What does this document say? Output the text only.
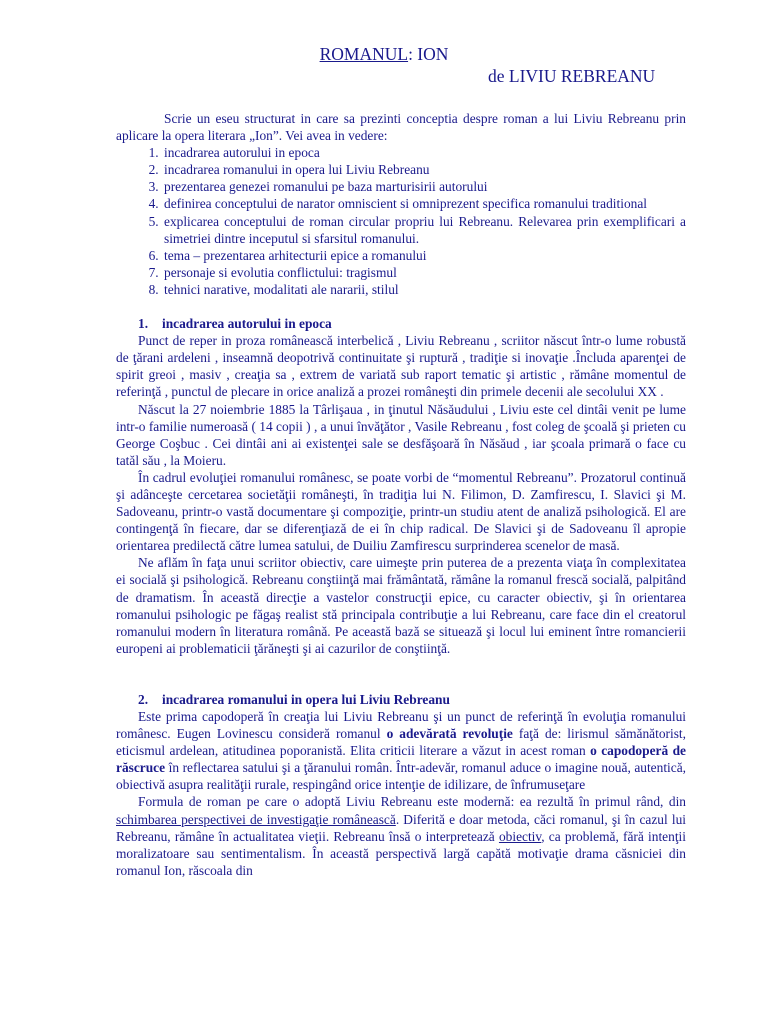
ROMANUL: ION
de LIVIU REBREANU

Scrie un eseu structurat in care sa prezinti conceptia despre roman a lui Liviu Rebreanu prin aplicare la opera literara „Ion”. Vei avea in vedere:

1. incadrarea autorului in epoca
2. incadrarea romanului in opera lui Liviu Rebreanu
3. prezentarea genezei romanului pe baza marturisirii autorului
4. definirea conceptului de narator omniscient si omniprezent specifica romanului traditional
5. explicarea conceptului de roman circular propriu lui Rebreanu. Relevarea prin exemplificari a simetriei dintre inceputul si sfarsitul romanului.
6. tema – prezentarea arhitecturii epice a romanului
7. personaje si evolutia conflictului: tragismul
8. tehnici narative, modalitati ale nararii, stilul
1. incadrarea autorului in epoca

Punct de reper in proza românească interbelică , Liviu Rebreanu , scriitor născut într-o lume robustă de ţărani ardeleni , inseamnă deopotrivă continuitate şi ruptură , tradiţie si inovaţie .Încluda aparenţei de spirit greoi , masiv , creaţia sa , extrem de variată sub raport tematic şi artistic , rămâne momentul de referinţă , punctul de plecare in orice analiză a prozei româneşti din primele decenii ale secolului XX .

Născut la 27 noiembrie 1885 la Târlişaua , in ţinutul Năsăudului , Liviu este cel dintâi venit pe lume intr-o familie numeroasă ( 14 copii ) , a unui învăţător , Vasile Rebreanu , fost coleg de şcoală şi prieten cu George Coşbuc . Cei dintâi ani ai existenţei sale se desfăşoară în Năsăud , iar şcoala primară o face cu tatăl său , la Moieru.

În cadrul evoluţiei romanului românesc, se poate vorbi de “momentul Rebreanu”. Prozatorul continuă şi adânceşte cercetarea societăţii româneşti, în tradiţia lui N. Filimon, D. Zamfirescu, I. Slavici şi M. Sadoveanu, printr-o vastă documentare şi compoziţie, printr-un studiu atent de analiză psihologică. El are contingenţă în fiecare, dar se diferenţiază de ei în chip radical. De Slavici şi de Sadoveanu îl apropie orientarea predilectă către lumea satului, de Duiliu Zamfirescu surprinderea scenelor de masă.

Ne aflăm în faţa unui scriitor obiectiv, care uimeşte prin puterea de a prezenta viaţa în complexitatea ei socială şi psihologică. Rebreanu conştiinţă mai frământată, rămâne la romanul frescă socială, palpitând de dramatism. În această direcţie a vastelor construcţii epice, cu caracter obiectiv, şi în orientarea romanului psihologic pe făgaş realist stă principala contribuţie a lui Rebreanu, care face din el creatorul romanului modern în literatura română. Pe această bază se situează şi locul lui eminent între romancierii europeni ai problematicii ţărăneşti şi ai cazurilor de conştiinţă.

2. incadrarea romanului in opera lui Liviu Rebreanu

Este prima capodoperă în creaţia lui Liviu Rebreanu şi un punct de referinţă în evoluţia romanului românesc. Eugen Lovinescu consideră romanul o adevărată revoluţie faţă de: lirismul sămănătorist, eticismul ardelean, atitudinea poporanistă. Elita criticii literare a văzut in acest roman o capodoperă de răscruce în reflectarea satului şi a ţăranului român. Într-adevăr, romanul aduce o imagine nouă, autentică, obiectivă asupra realităţii rurale, respingând orice intenţie de idilizare, de înfrumuseţare

Formula de roman pe care o adoptă Liviu Rebreanu este modernă: ea rezultă în primul rând, din schimbarea perspectivei de investigaţie românească. Diferită e doar metoda, căci romanul, şi în cazul lui Rebreanu, rămâne în actualitatea vieţii. Rebreanu însă o interpretează obiectiv, ca problemă, fără intenţii moralizatoare sau sentimentalism. În această perspectivă largă capătă motivaţie drama căsniciei din romanul Ion, răscoala din
